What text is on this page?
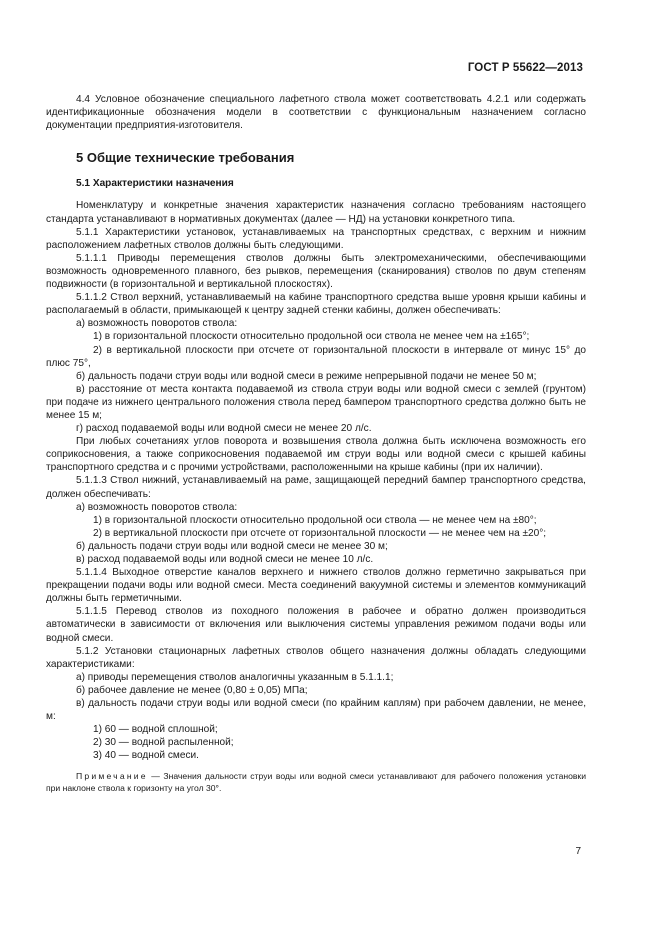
ГОСТ Р 55622—2013

4.4 Условное обозначение специального лафетного ствола может соответствовать 4.2.1 или содержать идентификационные обозначения модели в соответствии с функциональным назначением согласно документации предприятия-изготовителя.

5 Общие технические требования

5.1 Характеристики назначения

Номенклатуру и конкретные значения характеристик назначения согласно требованиям настоящего стандарта устанавливают в нормативных документах (далее — НД) на установки конкретного типа.

5.1.1 Характеристики установок, устанавливаемых на транспортных средствах, с верхним и нижним расположением лафетных стволов должны быть следующими.

5.1.1.1 Приводы перемещения стволов должны быть электромеханическими, обеспечивающими возможность одновременного плавного, без рывков, перемещения (сканирования) стволов по двум степеням подвижности (в горизонтальной и вертикальной плоскостях).

5.1.1.2 Ствол верхний, устанавливаемый на кабине транспортного средства выше уровня крыши кабины и располагаемый в области, примыкающей к центру задней стенки кабины, должен обеспечивать:

а) возможность поворотов ствола:

1) в горизонтальной плоскости относительно продольной оси ствола не менее чем на ±165°;

2) в вертикальной плоскости при отсчете от горизонтальной плоскости в интервале от минус 15° до плюс 75°,

б) дальность подачи струи воды или водной смеси в режиме непрерывной подачи не менее 50 м;

в) расстояние от места контакта подаваемой из ствола струи воды или водной смеси с землей (грунтом) при подаче из нижнего центрального положения ствола перед бампером транспортного средства должно быть не менее 15 м;

г) расход подаваемой воды или водной смеси не менее 20 л/с.

При любых сочетаниях углов поворота и возвышения ствола должна быть исключена возможность его соприкосновения, а также соприкосновения подаваемой им струи воды или водной смеси с крышей кабины транспортного средства и с прочими устройствами, расположенными на крыше кабины (при их наличии).

5.1.1.3 Ствол нижний, устанавливаемый на раме, защищающей передний бампер транспортного средства, должен обеспечивать:

а) возможность поворотов ствола:

1) в горизонтальной плоскости относительно продольной оси ствола — не менее чем на ±80°;

2) в вертикальной плоскости при отсчете от горизонтальной плоскости — не менее чем на ±20°;

б) дальность подачи струи воды или водной смеси не менее 30 м;

в) расход подаваемой воды или водной смеси не менее 10 л/с.

5.1.1.4 Выходное отверстие каналов верхнего и нижнего стволов должно герметично закрываться при прекращении подачи воды или водной смеси. Места соединений вакуумной системы и элементов коммуникаций должны быть герметичными.

5.1.1.5 Перевод стволов из походного положения в рабочее и обратно должен производиться автоматически в зависимости от включения или выключения системы управления режимом подачи воды или водной смеси.

5.1.2 Установки стационарных лафетных стволов общего назначения должны обладать следующими характеристиками:

а) приводы перемещения стволов аналогичны указанным в 5.1.1.1;

б) рабочее давление не менее (0,80 ± 0,05) МПа;

в) дальность подачи струи воды или водной смеси (по крайним каплям) при рабочем давлении, не менее, м:

1) 60 — водной сплошной;

2) 30 — водной распыленной;

3) 40 — водной смеси.

Примечание — Значения дальности струи воды или водной смеси устанавливают для рабочего положения установки при наклоне ствола к горизонту на угол 30°.

7
